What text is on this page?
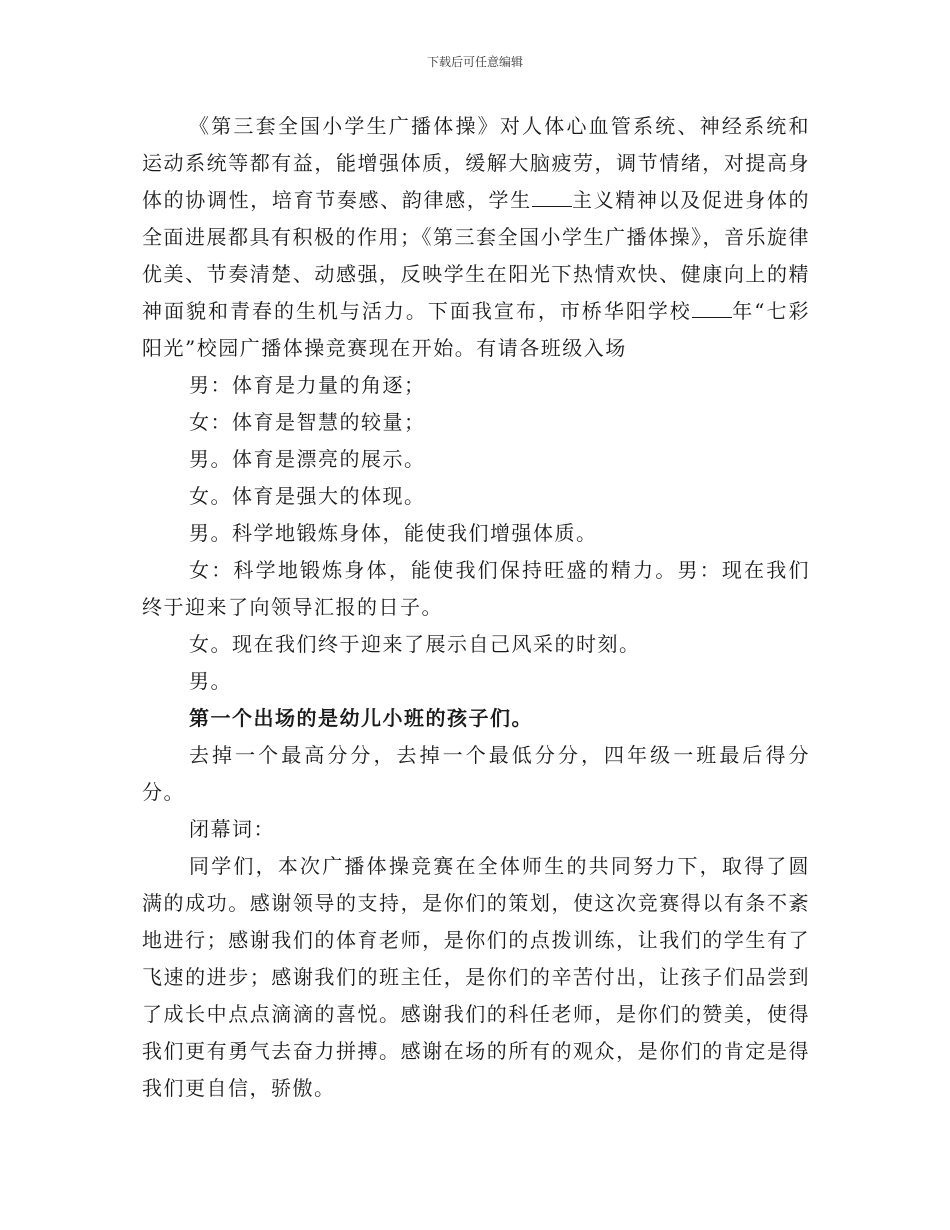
下载后可任意编辑

《第三套全国小学生广播体操》对人体心血管系统、神经系统和运动系统等都有益，能增强体质，缓解大脑疲劳，调节情绪，对提高身体的协调性，培育节奏感、韵律感，学生 主义精神以及促进身体的全面进展都具有积极的作用；《第三套全国小学生广播体操》，音乐旋律优美、节奏清楚、动感强，反映学生在阳光下热情欢快、健康向上的精神面貌和青春的生机与活力。下面我宣布，市桥华阳学校 年“七彩阳光”校园广播体操竞赛现在开始。有请各班级入场

男：体育是力量的角逐；

女：体育是智慧的较量；

男。体育是漂亮的展示。

女。体育是强大的体现。

男。科学地锻炼身体，能使我们增强体质。

女：科学地锻炼身体，能使我们保持旺盛的精力。男：现在我们终于迎来了向领导汇报的日子。

女。现在我们终于迎来了展示自己风采的时刻。

男。

第一个出场的是幼儿小班的孩子们。

去掉一个最高分分，去掉一个最低分分，四年级一班最后得分分。

闭幕词：

同学们，本次广播体操竞赛在全体师生的共同努力下，取得了圆满的成功。感谢领导的支持，是你们的策划，使这次竞赛得以有条不紊地进行；感谢我们的体育老师，是你们的点拨训练，让我们的学生有了飞速的进步；感谢我们的班主任，是你们的辛苦付出，让孩子们品尝到了成长中点点滴滴的喜悦。感谢我们的科任老师，是你们的赞美，使得我们更有勇气去奋力拼搏。感谢在场的所有的观众，是你们的肯定是得我们更自信，骄傲。
